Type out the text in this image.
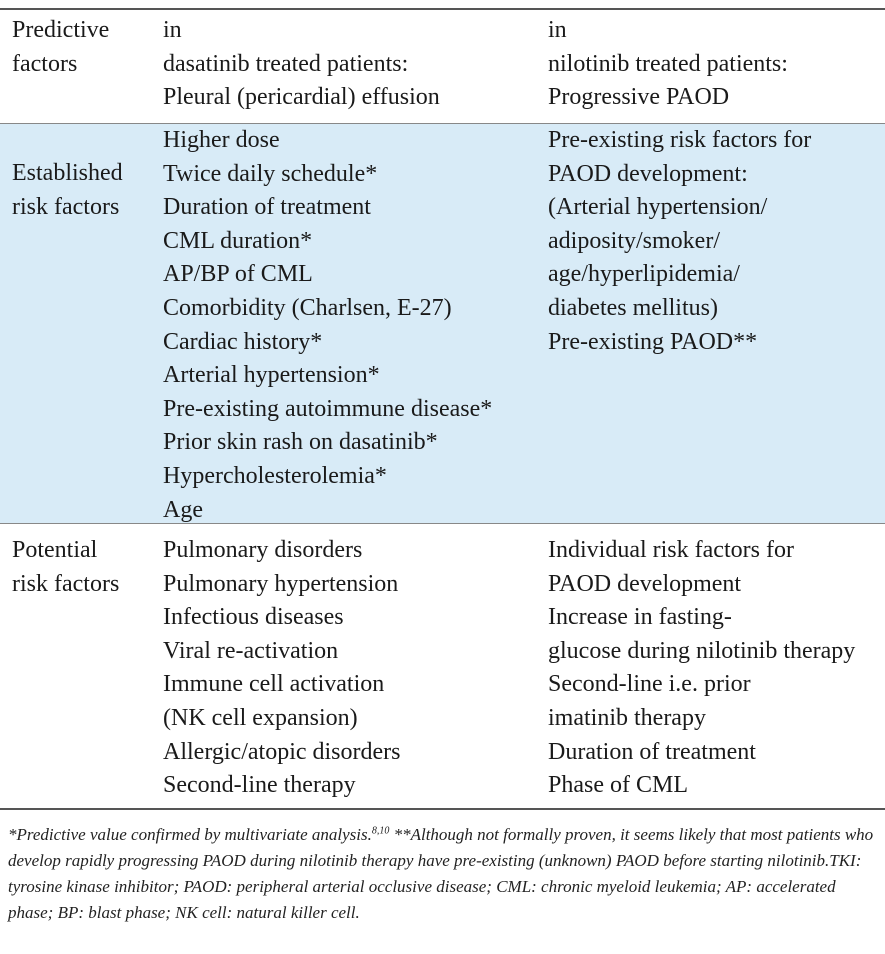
Predictive
factors
in
dasatinib treated patients:
Pleural (pericardial) effusion
in
nilotinib treated patients:
Progressive PAOD
Established
risk factors
Higher dose
Twice daily schedule*
Duration of treatment
CML duration*
AP/BP of CML
Comorbidity (Charlsen, E-27)
Cardiac history*
Arterial hypertension*
Pre-existing autoimmune disease*
Prior skin rash on dasatinib*
Hypercholesterolemia*
Age
Pre-existing risk factors for
PAOD development:
(Arterial hypertension/
adiposity/smoker/
age/hyperlipidemia/
diabetes mellitus)
Pre-existing PAOD**
Potential
risk factors
Pulmonary disorders
Pulmonary hypertension
Infectious diseases
Viral re-activation
Immune cell activation
(NK cell expansion)
Allergic/atopic disorders
Second-line therapy
Individual risk factors for
PAOD development
Increase in fasting-
glucose during nilotinib therapy
Second-line i.e. prior
imatinib therapy
Duration of treatment
Phase of CML
*Predictive value confirmed by multivariate analysis.$^{8,10}$ **Although not formally proven, it seems likely that most patients who develop rapidly progressing PAOD during nilotinib therapy have pre-existing (unknown) PAOD before starting nilotinib.TKI: tyrosine kinase inhibitor; PAOD: peripheral arterial occlusive disease; CML: chronic myeloid leukemia; AP: accelerated phase; BP: blast phase; NK cell: natural killer cell.
